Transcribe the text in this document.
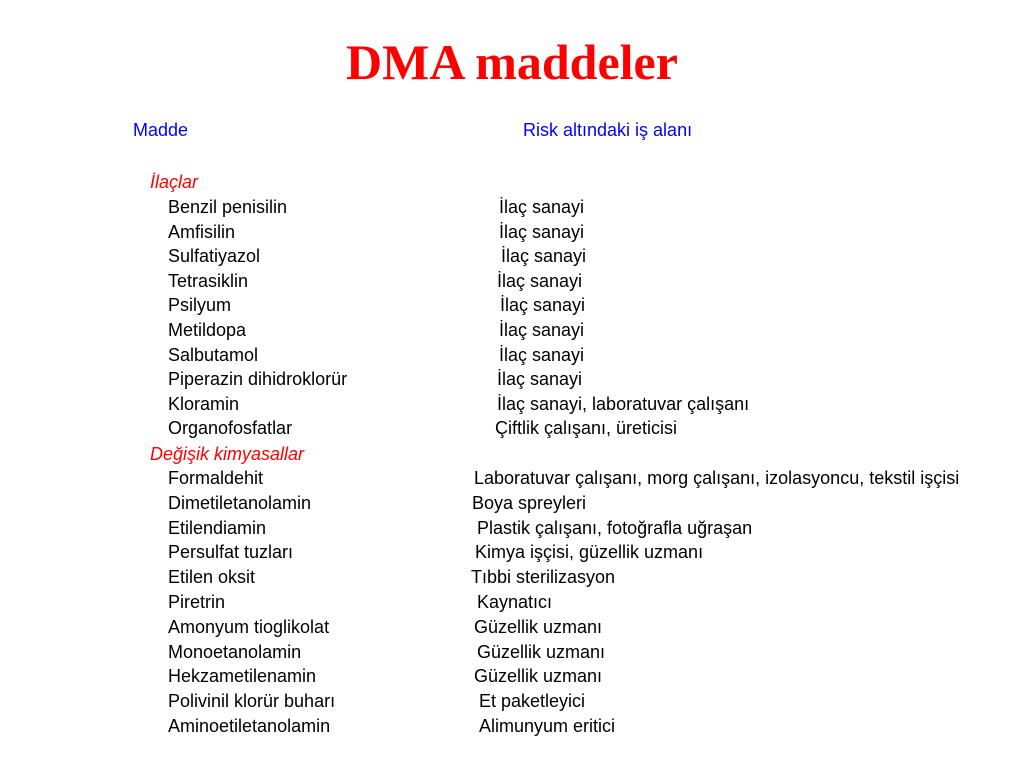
DMA maddeler
Madde	Risk altındaki iş alanı
İlaçlar
Benzil penisilin	İlaç sanayi
Amfisilin	İlaç sanayi
Sulfatiyazol	İlaç sanayi
Tetrasiklin	İlaç sanayi
Psilyum	İlaç sanayi
Metildopa	İlaç sanayi
Salbutamol	İlaç sanayi
Piperazin dihidroklorür	İlaç sanayi
Kloramin	İlaç sanayi, laboratuvar çalışanı
Organofosfatlar	Çiftlik çalışanı, üreticisi
Değişik kimyasallar
Formaldehit	Laboratuvar çalışanı, morg çalışanı, izolasyoncu, tekstil işçisi
Dimetiletanolamin	Boya spreyleri
Etilendiamin	Plastik çalışanı, fotoğrafla uğraşan
Persulfat tuzları	Kimya işçisi, güzellik uzmanı
Etilen oksit	Tıbbi sterilizasyon
Piretrin	Kaynatıcı
Amonyum tioglikolat	Güzellik uzmanı
Monoetanolamin	Güzellik uzmanı
Hekzametilenamin	Güzellik uzmanı
Polivinil klorür buharı	Et paketleyici
Aminoetiletanolamin	Alimunyum eritici
